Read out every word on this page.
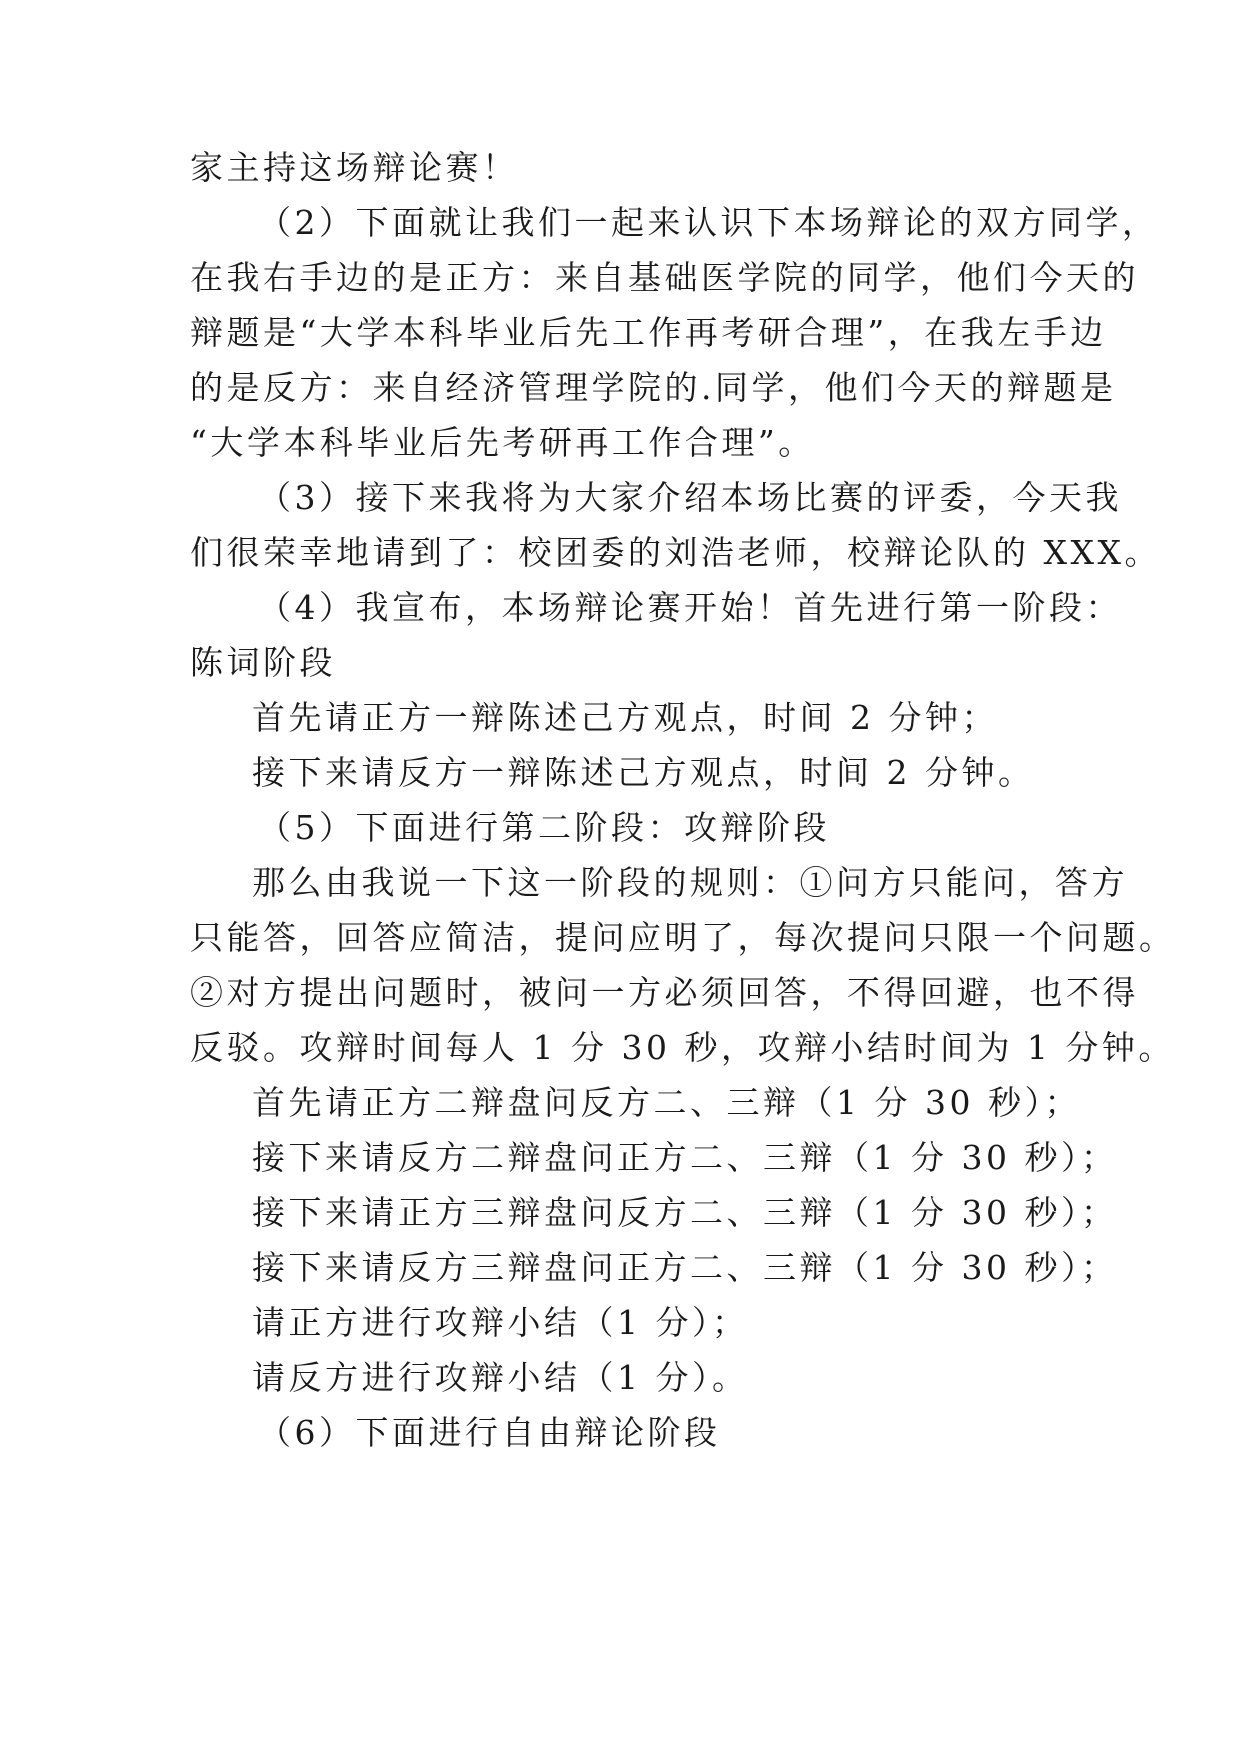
家主持这场辩论赛！

（2）下面就让我们一起来认识下本场辩论的双方同学，

在我右手边的是正方：来自基础医学院的同学，他们今天的

辩题是“大学本科毕业后先工作再考研合理”，在我左手边

的是反方：来自经济管理学院的.同学，他们今天的辩题是

“大学本科毕业后先考研再工作合理”。

（3）接下来我将为大家介绍本场比赛的评委，今天我

们很荣幸地请到了：校团委的刘浩老师，校辩论队的 XXX。

（4）我宣布，本场辩论赛开始！首先进行第一阶段：

陈词阶段

首先请正方一辩陈述己方观点，时间 2 分钟；

接下来请反方一辩陈述己方观点，时间 2 分钟。

（5）下面进行第二阶段：攻辩阶段

那么由我说一下这一阶段的规则：①问方只能问，答方

只能答，回答应简洁，提问应明了，每次提问只限一个问题。

②对方提出问题时，被问一方必须回答，不得回避，也不得

反驳。攻辩时间每人 1 分 30 秒，攻辩小结时间为 1 分钟。

首先请正方二辩盘问反方二、三辩（1 分 30 秒）；

接下来请反方二辩盘问正方二、三辩（1 分 30 秒）；

接下来请正方三辩盘问反方二、三辩（1 分 30 秒）；

接下来请反方三辩盘问正方二、三辩（1 分 30 秒）；

请正方进行攻辩小结（1 分）；

请反方进行攻辩小结（1 分）。

（6）下面进行自由辩论阶段
